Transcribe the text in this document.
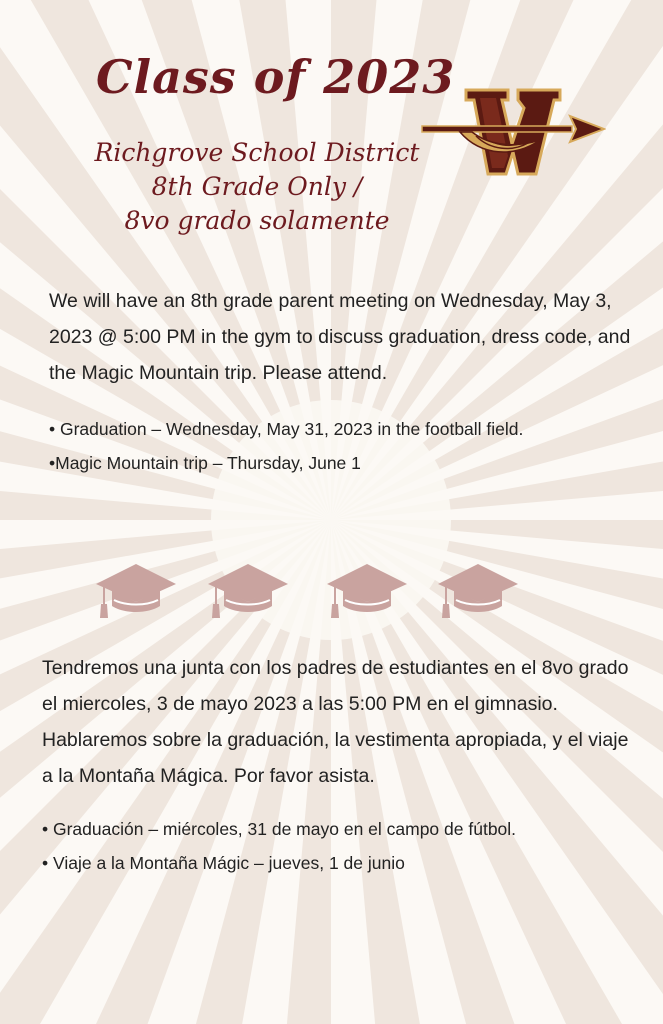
Class of 2023
Richgrove School District
8th Grade Only /
8vo grado solamente
We will have an 8th grade parent meeting on Wednesday, May 3, 2023 @ 5:00 PM in the gym to discuss graduation, dress code, and the Magic Mountain trip. Please attend.
• Graduation – Wednesday, May 31, 2023 in the football field.
•Magic Mountain trip – Thursday, June 1
Tendremos una junta con los padres de estudiantes en el 8vo grado el miercoles, 3 de mayo 2023 a las 5:00 PM en el gimnasio. Hablaremos sobre la graduación, la vestimenta apropiada, y el viaje a la Montaña Mágica. Por favor asista.
• Graduación – miércoles, 31 de mayo en el campo de fútbol.
• Viaje a la Montaña Mágic – jueves, 1 de junio
